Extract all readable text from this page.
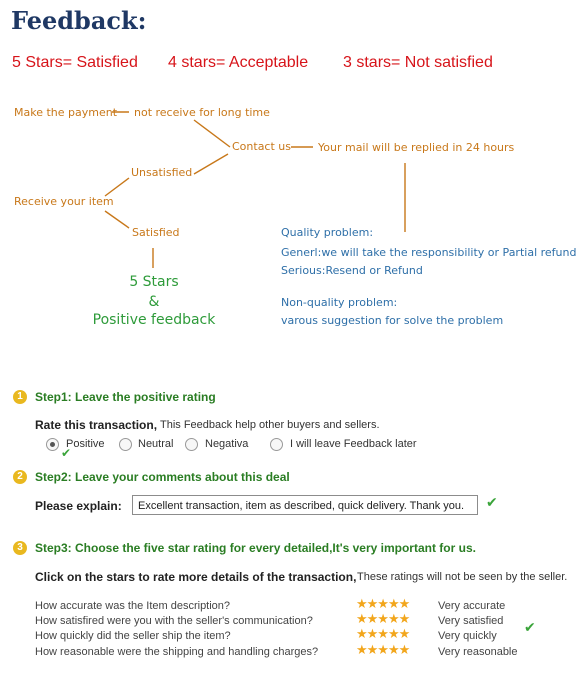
Feedback:
5 Stars= Satisfied 4 stars= Acceptable 3 stars= Not satisfied
Make the payment not receive for long time
Contact us Your mail will be replied in 24 hours
Unsatisfied
Receive your item
Satisfied
5 Stars
&
Positive feedback
Quality problem:
Generl:we will take the responsibility or Partial refund
Serious:Resend or Refund
Non-quality problem:
varous suggestion for solve the problem
1	Step1: Leave the positive rating
Rate this transaction, This Feedback help other buyers and sellers.
Positive
✔
Neutral	Negativa	I will leave Feedback later
2	Step2: Leave your comments about this deal
Please explain:	Excellent transaction, item as described, quick delivery. Thank you.	✔
3	Step3: Choose the five star rating for every detailed,It's very important for us.
Click on the stars to rate more details of the transaction, These ratings will not be seen by the seller.
How accurate was the Item description?	★★★★★	Very accurate
How satisfired were you with the seller's communication?	★★★★★	Very satisfied
How quickly did the seller ship the item?	★★★★★	Very quickly
How reasonable were the shipping and handling charges?	★★★★★	Very reasonable
✔
